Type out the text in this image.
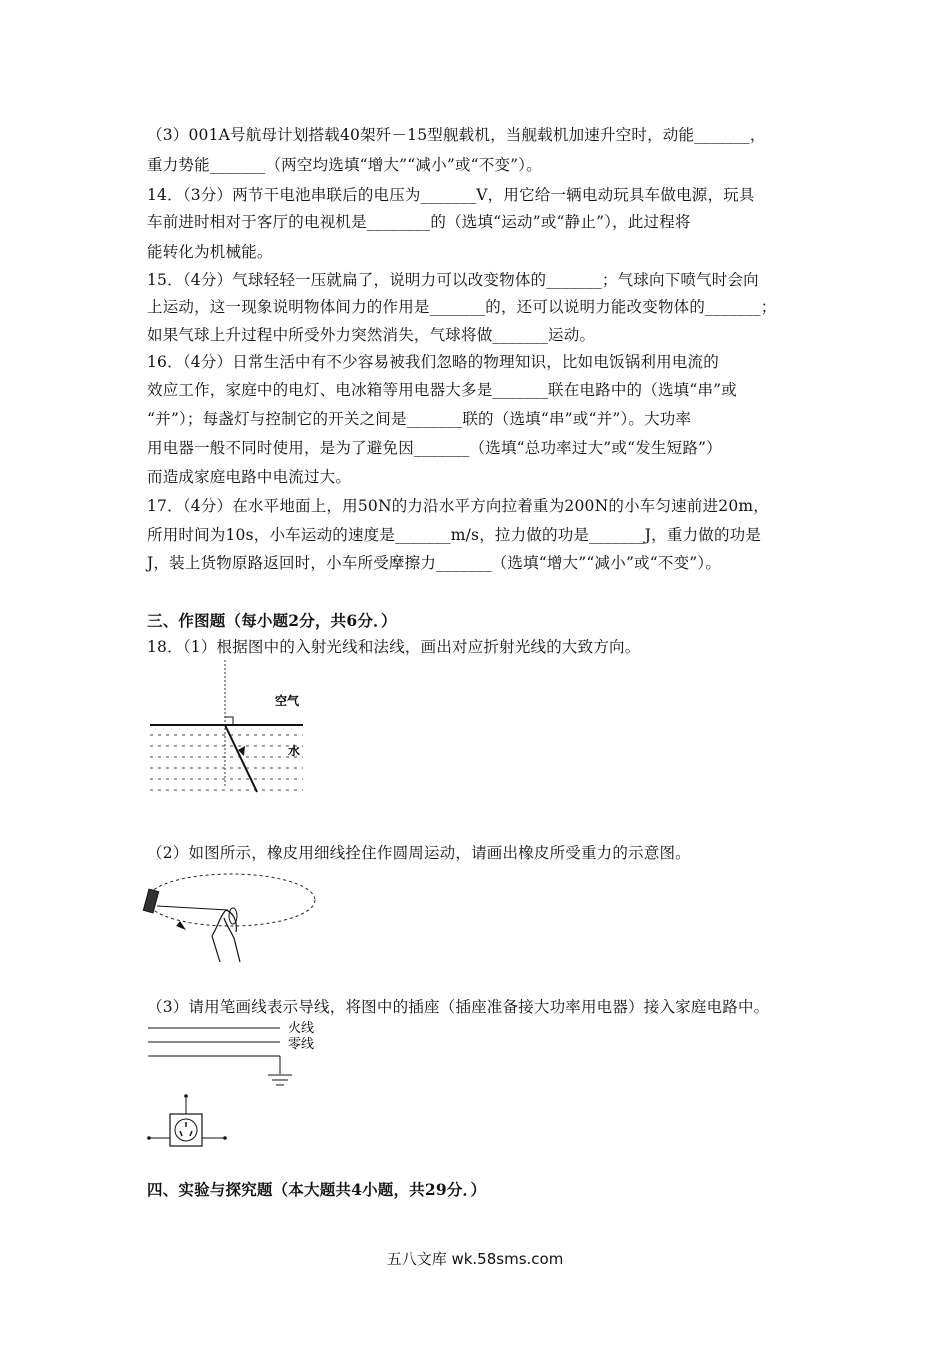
（3）001A号航母计划搭载40架歼－15型舰载机，当舰载机加速升空时，动能_______，
重力势能_______（两空均选填“增大”“减小”或“不变”）。
14．（3分）两节干电池串联后的电压为_______V，用它给一辆电动玩具车做电源，玩具
车前进时相对于客厅的电视机是________的（选填“运动”或“静止”），此过程将
能转化为机械能。
15．（4分）气球轻轻一压就扁了，说明力可以改变物体的_______；气球向下喷气时会向
上运动，这一现象说明物体间力的作用是_______的，还可以说明力能改变物体的_______；
如果气球上升过程中所受外力突然消失，气球将做_______运动。
16．（4分）日常生活中有不少容易被我们忽略的物理知识，比如电饭锅利用电流的
效应工作，家庭中的电灯、电冰箱等用电器大多是_______联在电路中的（选填“串”或
“并”）；每盏灯与控制它的开关之间是_______联的（选填“串”或“并”）。大功率
用电器一般不同时使用，是为了避免因_______（选填“总功率过大”或“发生短路”）
而造成家庭电路中电流过大。
17．（4分）在水平地面上，用50N的力沿水平方向拉着重为200N的小车匀速前进20m，
所用时间为10s，小车运动的速度是_______m/s，拉力做的功是_______J，重力做的功是
J，装上货物原路返回时，小车所受摩擦力_______（选填“增大”“减小”或“不变”）。
三、作图题（每小题2分，共6分．）
18．（1）根据图中的入射光线和法线，画出对应折射光线的大致方向。
空气
水
（2）如图所示，橡皮用细线拴住作圆周运动，请画出橡皮所受重力的示意图。
（3）请用笔画线表示导线，将图中的插座（插座准备接大功率用电器）接入家庭电路中。
火线
零线
四、实验与探究题（本大题共4小题，共29分．）
五八文库 wk.58sms.com
